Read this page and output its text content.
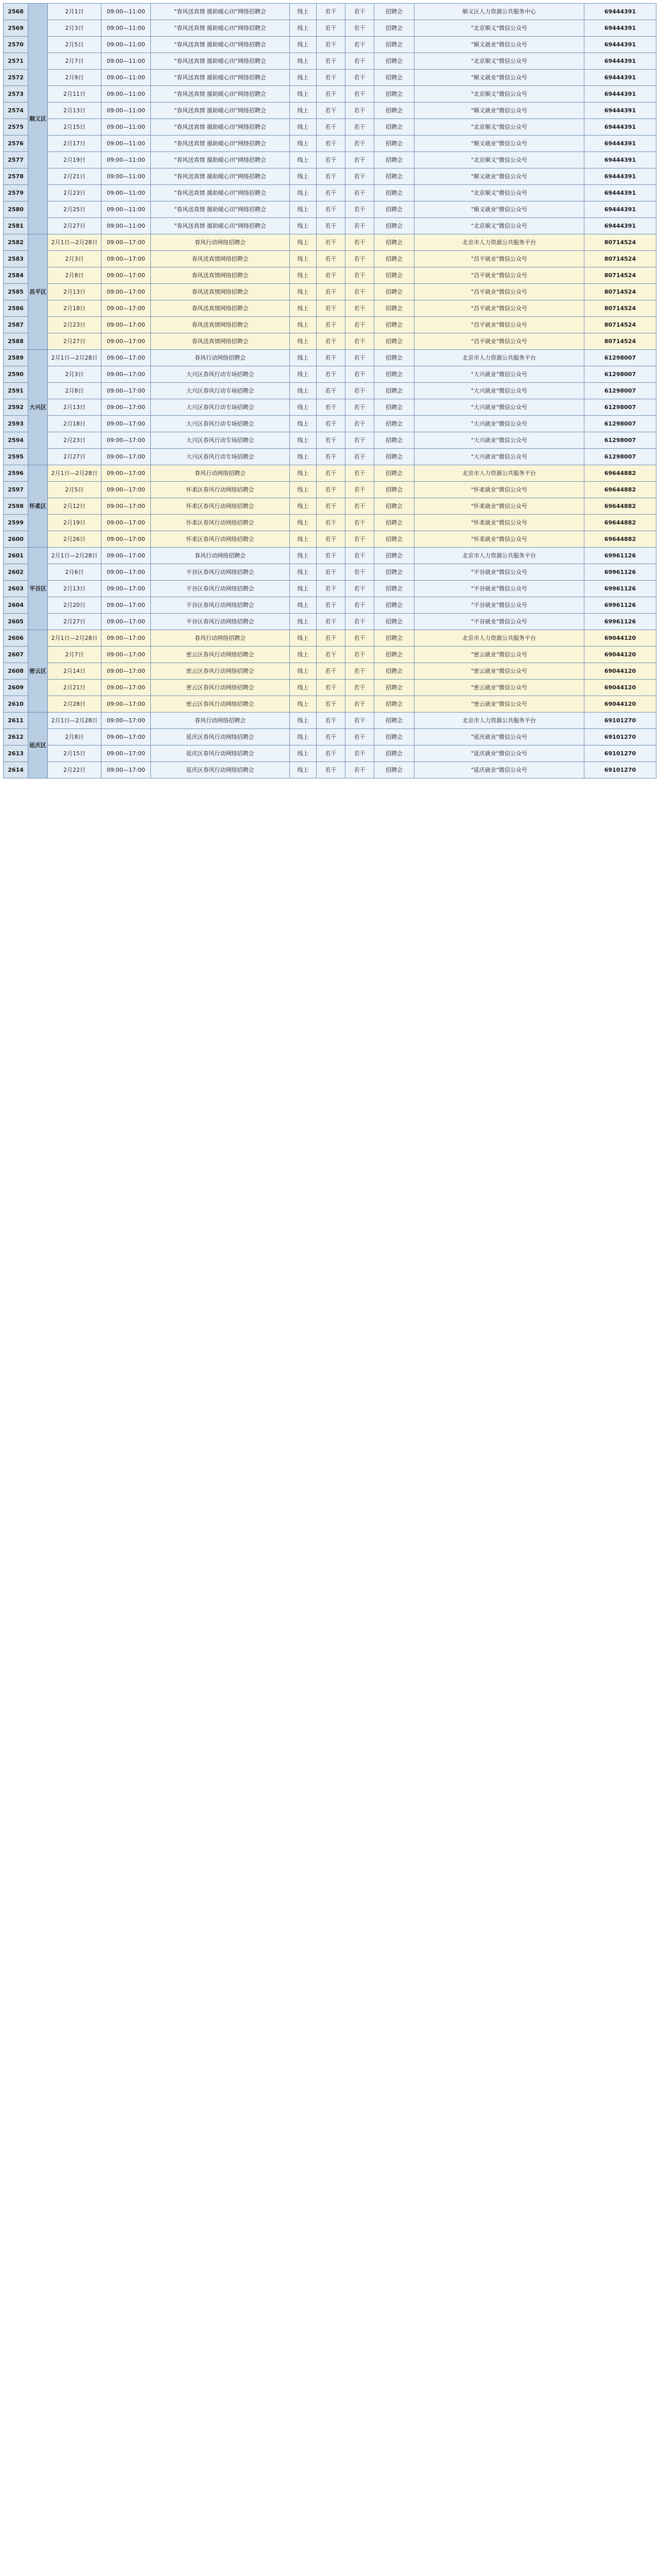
2568	顺义区	2月1日	09:00—11:00	"春风送真情 援助暖心田"网络招聘会	线上	若干	若干	招聘会	顺义区人力资源公共服务中心	69444391
2569		2月3日	09:00—11:00	"春风送真情 援助暖心田"网络招聘会	线上	若干	若干	招聘会	"北京顺义"微信公众号	69444391
2570		2月5日	09:00—11:00	"春风送真情 援助暖心田"网络招聘会	线上	若干	若干	招聘会	"顺义就业"微信公众号	69444391
2571		2月7日	09:00—11:00	"春风送真情 援助暖心田"网络招聘会	线上	若干	若干	招聘会	"北京顺义"微信公众号	69444391
2572		2月9日	09:00—11:00	"春风送真情 援助暖心田"网络招聘会	线上	若干	若干	招聘会	"顺义就业"微信公众号	69444391
2573		2月11日	09:00—11:00	"春风送真情 援助暖心田"网络招聘会	线上	若干	若干	招聘会	"北京顺义"微信公众号	69444391
2574		2月13日	09:00—11:00	"春风送真情 援助暖心田"网络招聘会	线上	若干	若干	招聘会	"顺义就业"微信公众号	69444391
2575		2月15日	09:00—11:00	"春风送真情 援助暖心田"网络招聘会	线上	若干	若干	招聘会	"北京顺义"微信公众号	69444391
2576		2月17日	09:00—11:00	"春风送真情 援助暖心田"网络招聘会	线上	若干	若干	招聘会	"顺义就业"微信公众号	69444391
2577		2月19日	09:00—11:00	"春风送真情 援助暖心田"网络招聘会	线上	若干	若干	招聘会	"北京顺义"微信公众号	69444391
2578		2月21日	09:00—11:00	"春风送真情 援助暖心田"网络招聘会	线上	若干	若干	招聘会	"顺义就业"微信公众号	69444391
2579		2月23日	09:00—11:00	"春风送真情 援助暖心田"网络招聘会	线上	若干	若干	招聘会	"北京顺义"微信公众号	69444391
2580		2月25日	09:00—11:00	"春风送真情 援助暖心田"网络招聘会	线上	若干	若干	招聘会	"顺义就业"微信公众号	69444391
2581		2月27日	09:00—11:00	"春风送真情 援助暖心田"网络招聘会	线上	若干	若干	招聘会	"北京顺义"微信公众号	69444391
2582	昌平区	2月1日—2月28日	09:00—17:00	春风行动网络招聘会	线上	若干	若干	招聘会	北京市人力资源公共服务平台	80714524
2583		2月3日	09:00—17:00	春风送真情网络招聘会	线上	若干	若干	招聘会	"昌平就业"微信公众号	80714524
2584		2月8日	09:00—17:00	春风送真情网络招聘会	线上	若干	若干	招聘会	"昌平就业"微信公众号	80714524
2585		2月13日	09:00—17:00	春风送真情网络招聘会	线上	若干	若干	招聘会	"昌平就业"微信公众号	80714524
2586		2月18日	09:00—17:00	春风送真情网络招聘会	线上	若干	若干	招聘会	"昌平就业"微信公众号	80714524
2587		2月23日	09:00—17:00	春风送真情网络招聘会	线上	若干	若干	招聘会	"昌平就业"微信公众号	80714524
2588		2月27日	09:00—17:00	春风送真情网络招聘会	线上	若干	若干	招聘会	"昌平就业"微信公众号	80714524
2589	大兴区	2月1日—2月28日	09:00—17:00	春风行动网络招聘会	线上	若干	若干	招聘会	北京市人力资源公共服务平台	61298007
2590		2月3日	09:00—17:00	大兴区春风行动专场招聘会	线上	若干	若干	招聘会	"大兴就业"微信公众号	61298007
2591		2月8日	09:00—17:00	大兴区春风行动专场招聘会	线上	若干	若干	招聘会	"大兴就业"微信公众号	61298007
2592		2月13日	09:00—17:00	大兴区春风行动专场招聘会	线上	若干	若干	招聘会	"大兴就业"微信公众号	61298007
2593		2月18日	09:00—17:00	大兴区春风行动专场招聘会	线上	若干	若干	招聘会	"大兴就业"微信公众号	61298007
2594		2月23日	09:00—17:00	大兴区春风行动专场招聘会	线上	若干	若干	招聘会	"大兴就业"微信公众号	61298007
2595		2月27日	09:00—17:00	大兴区春风行动专场招聘会	线上	若干	若干	招聘会	"大兴就业"微信公众号	61298007
2596	怀柔区	2月1日—2月28日	09:00—17:00	春风行动网络招聘会	线上	若干	若干	招聘会	北京市人力资源公共服务平台	69644882
2597		2月5日	09:00—17:00	怀柔区春风行动网络招聘会	线上	若干	若干	招聘会	"怀柔就业"微信公众号	69644882
2598		2月12日	09:00—17:00	怀柔区春风行动网络招聘会	线上	若干	若干	招聘会	"怀柔就业"微信公众号	69644882
2599		2月19日	09:00—17:00	怀柔区春风行动网络招聘会	线上	若干	若干	招聘会	"怀柔就业"微信公众号	69644882
2600		2月26日	09:00—17:00	怀柔区春风行动网络招聘会	线上	若干	若干	招聘会	"怀柔就业"微信公众号	69644882
2601	平谷区	2月1日—2月28日	09:00—17:00	春风行动网络招聘会	线上	若干	若干	招聘会	北京市人力资源公共服务平台	69961126
2602		2月6日	09:00—17:00	平谷区春风行动网络招聘会	线上	若干	若干	招聘会	"平谷就业"微信公众号	69961126
2603		2月13日	09:00—17:00	平谷区春风行动网络招聘会	线上	若干	若干	招聘会	"平谷就业"微信公众号	69961126
2604		2月20日	09:00—17:00	平谷区春风行动网络招聘会	线上	若干	若干	招聘会	"平谷就业"微信公众号	69961126
2605		2月27日	09:00—17:00	平谷区春风行动网络招聘会	线上	若干	若干	招聘会	"平谷就业"微信公众号	69961126
2606	密云区	2月1日—2月28日	09:00—17:00	春风行动网络招聘会	线上	若干	若干	招聘会	北京市人力资源公共服务平台	69044120
2607		2月7日	09:00—17:00	密云区春风行动网络招聘会	线上	若干	若干	招聘会	"密云就业"微信公众号	69044120
2608		2月14日	09:00—17:00	密云区春风行动网络招聘会	线上	若干	若干	招聘会	"密云就业"微信公众号	69044120
2609		2月21日	09:00—17:00	密云区春风行动网络招聘会	线上	若干	若干	招聘会	"密云就业"微信公众号	69044120
2610		2月28日	09:00—17:00	密云区春风行动网络招聘会	线上	若干	若干	招聘会	"密云就业"微信公众号	69044120
2611	延庆区	2月1日—2月28日	09:00—17:00	春风行动网络招聘会	线上	若干	若干	招聘会	北京市人力资源公共服务平台	69101270
2612		2月8日	09:00—17:00	延庆区春风行动网络招聘会	线上	若干	若干	招聘会	"延庆就业"微信公众号	69101270
2613		2月15日	09:00—17:00	延庆区春风行动网络招聘会	线上	若干	若干	招聘会	"延庆就业"微信公众号	69101270
2614		2月22日	09:00—17:00	延庆区春风行动网络招聘会	线上	若干	若干	招聘会	"延庆就业"微信公众号	69101270
